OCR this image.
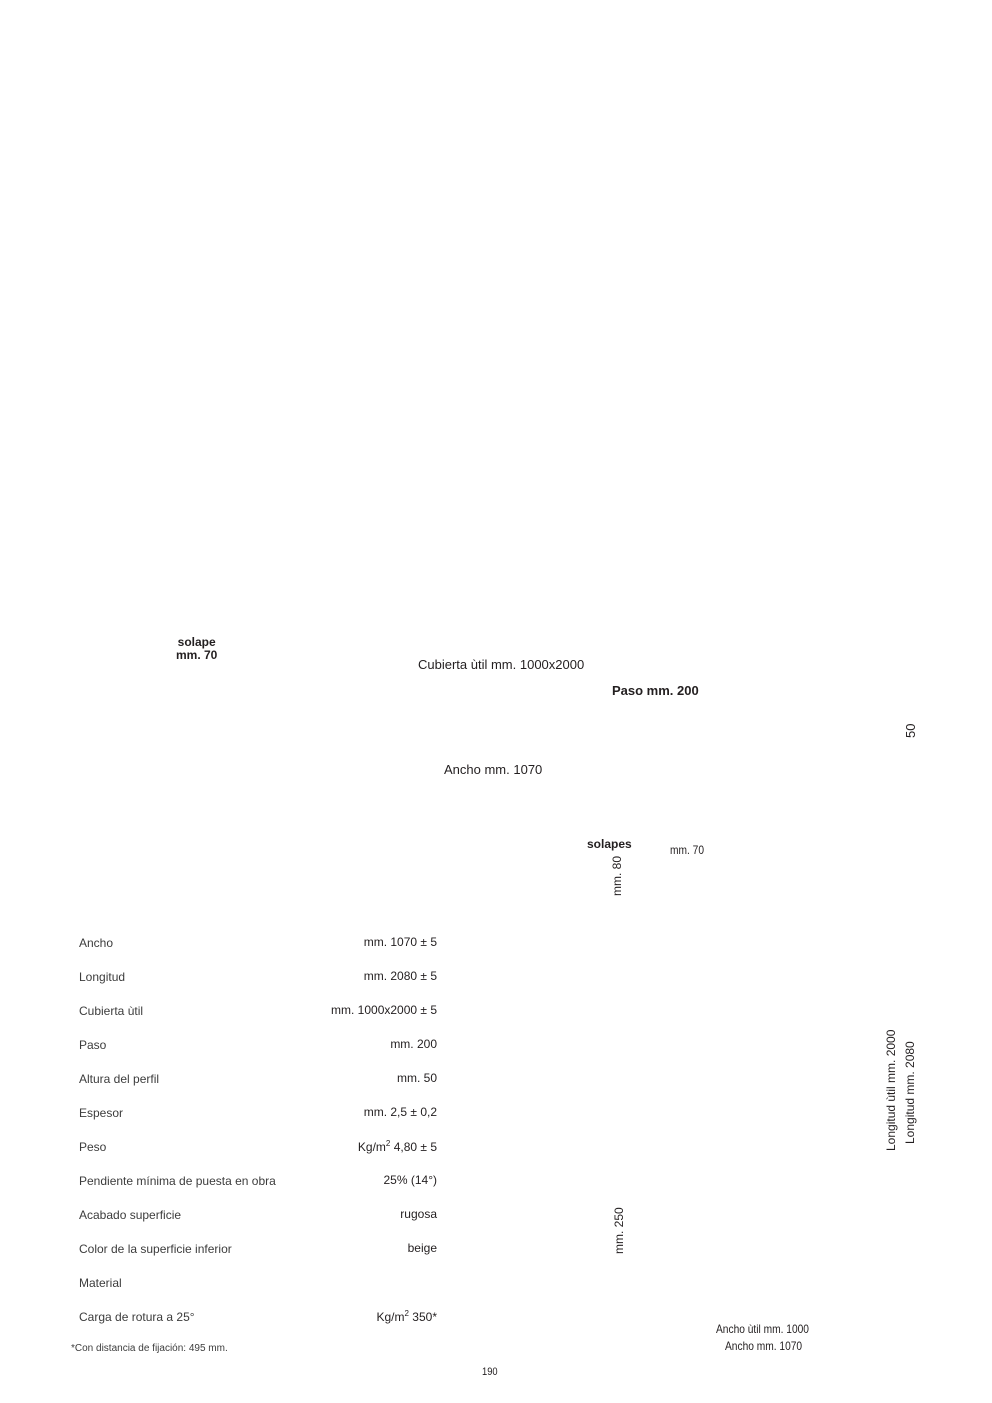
solape
mm. 70
Cubierta ùtil mm. 1000x2000
Paso mm. 200
50
Ancho mm. 1070
solapes	mm. 70
mm. 80
mm. 250
Longitud ùtil mm. 2000 Longitud mm. 2080
Ancho ùtil mm. 1000
Ancho mm. 1070
Ancho	mm. 1070 ± 5
Longitud	mm. 2080 ± 5
Cubierta ùtil	mm. 1000x2000 ± 5
Paso	mm. 200
Altura del perfil	mm. 50
Espesor	mm. 2,5 ± 0,2
Peso	$Kg/m^2$ 4,80 ± 5
Pendiente mínima de puesta en obra	25% (14°)
Acabado superficie	rugosa
Color de la superficie inferior	beige
Material
Carga de rotura a 25°	$Kg/m^2$ 350*
*Con distancia de fijación: 495 mm.
190
